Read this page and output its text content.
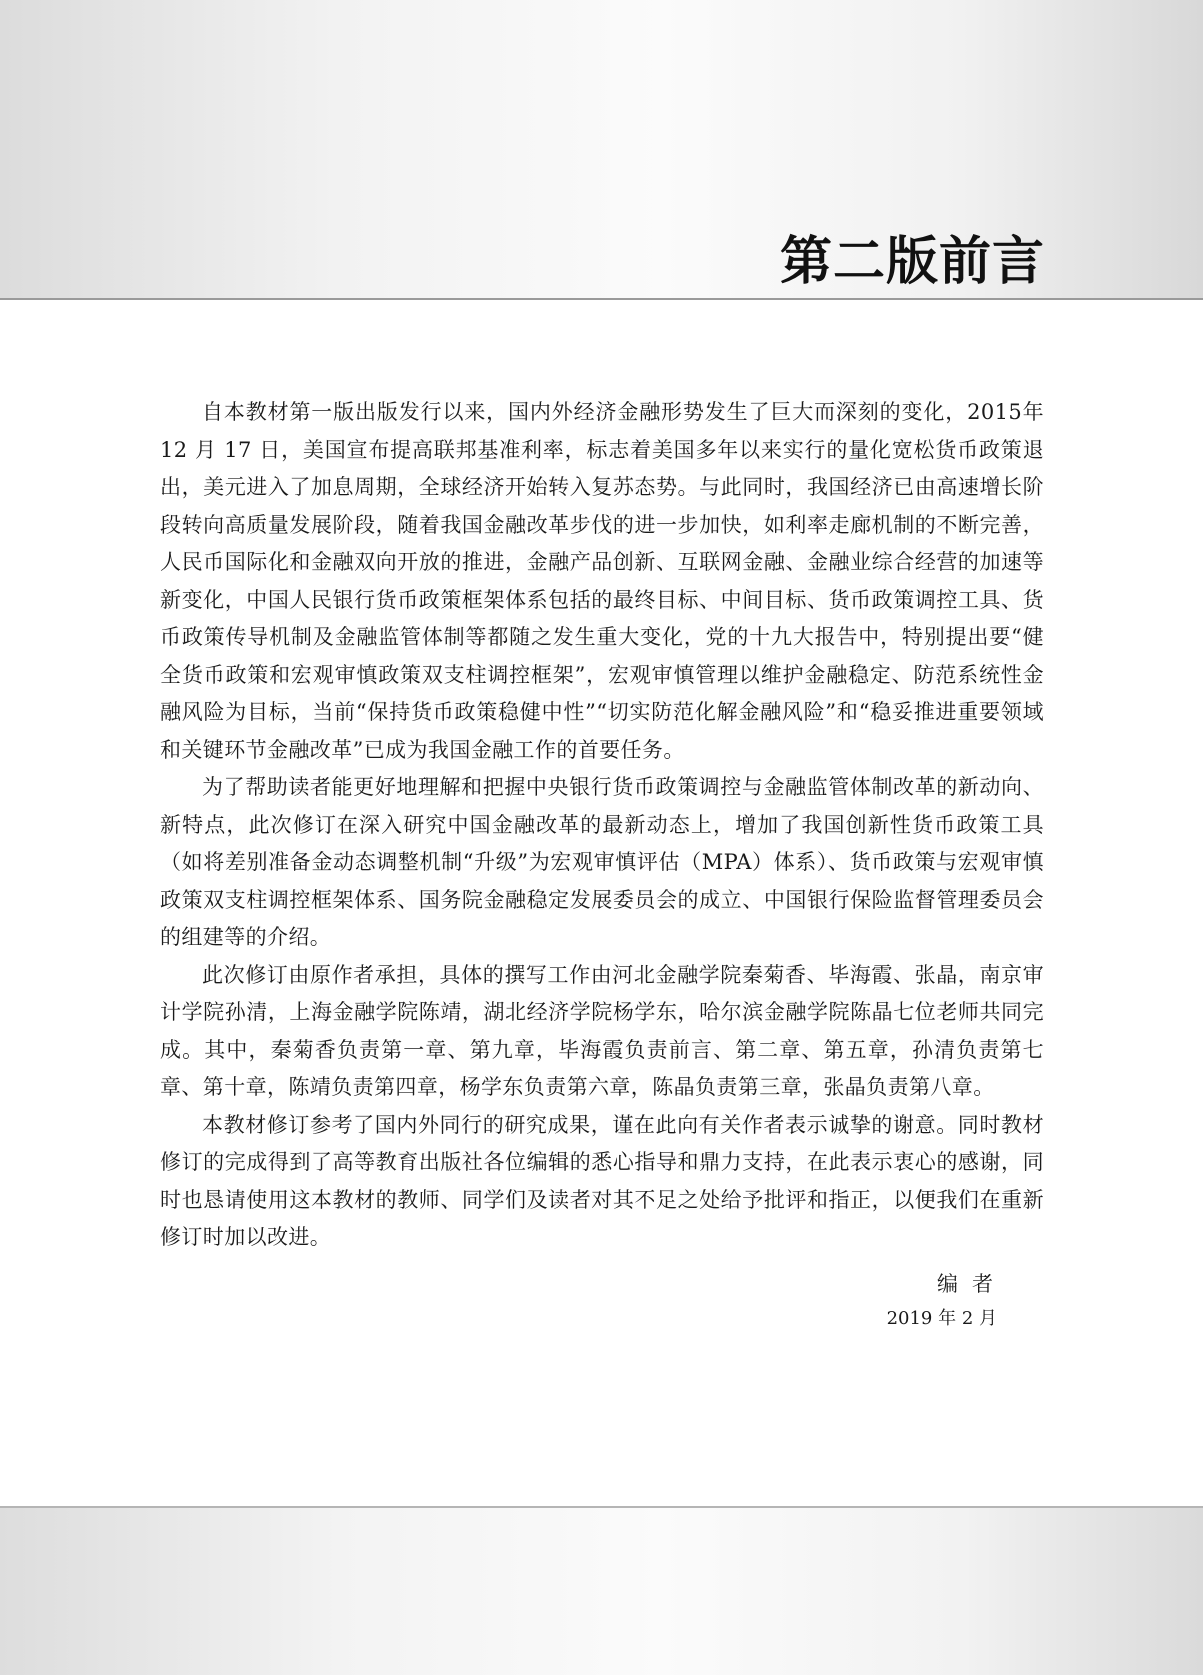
第二版前言

自本教材第一版出版发行以来，国内外经济金融形势发生了巨大而深刻的变化，2015年 12 月 17 日，美国宣布提高联邦基准利率，标志着美国多年以来实行的量化宽松货币政策退出，美元进入了加息周期，全球经济开始转入复苏态势。与此同时，我国经济已由高速增长阶段转向高质量发展阶段，随着我国金融改革步伐的进一步加快，如利率走廊机制的不断完善，人民币国际化和金融双向开放的推进，金融产品创新、互联网金融、金融业综合经营的加速等新变化，中国人民银行货币政策框架体系包括的最终目标、中间目标、货币政策调控工具、货币政策传导机制及金融监管体制等都随之发生重大变化，党的十九大报告中，特别提出要“健全货币政策和宏观审慎政策双支柱调控框架”，宏观审慎管理以维护金融稳定、防范系统性金融风险为目标，当前“保持货币政策稳健中性”“切实防范化解金融风险”和“稳妥推进重要领域和关键环节金融改革”已成为我国金融工作的首要任务。

为了帮助读者能更好地理解和把握中央银行货币政策调控与金融监管体制改革的新动向、新特点，此次修订在深入研究中国金融改革的最新动态上，增加了我国创新性货币政策工具（如将差别准备金动态调整机制“升级”为宏观审慎评估（MPA）体系）、货币政策与宏观审慎政策双支柱调控框架体系、国务院金融稳定发展委员会的成立、中国银行保险监督管理委员会的组建等的介绍。

此次修订由原作者承担，具体的撰写工作由河北金融学院秦菊香、毕海霞、张晶，南京审计学院孙清，上海金融学院陈靖，湖北经济学院杨学东，哈尔滨金融学院陈晶七位老师共同完成。其中，秦菊香负责第一章、第九章，毕海霞负责前言、第二章、第五章，孙清负责第七章、第十章，陈靖负责第四章，杨学东负责第六章，陈晶负责第三章，张晶负责第八章。

本教材修订参考了国内外同行的研究成果，谨在此向有关作者表示诚挚的谢意。同时教材修订的完成得到了高等教育出版社各位编辑的悉心指导和鼎力支持，在此表示衷心的感谢，同时也恳请使用这本教材的教师、同学们及读者对其不足之处给予批评和指正，以便我们在重新修订时加以改进。

编者

2019 年 2 月
